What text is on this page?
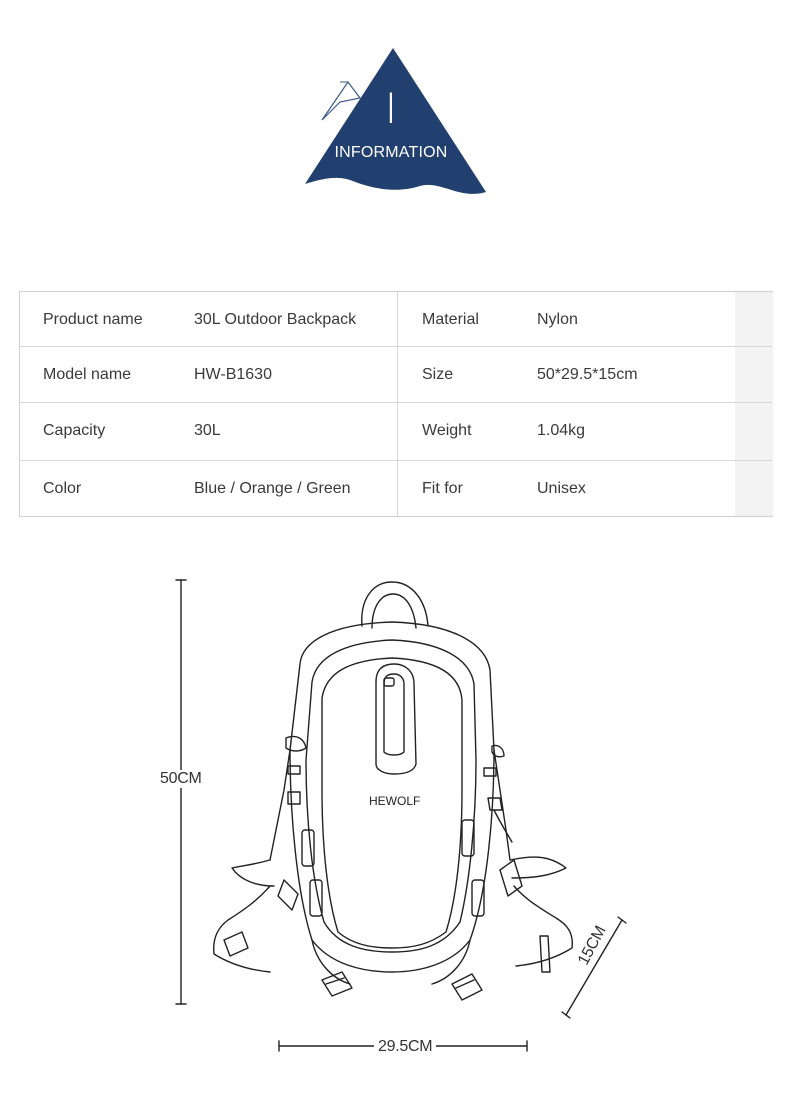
I
INFORMATION
Product name	30L Outdoor Backpack	Material	Nylon
Model name	HW-B1630	Size	50*29.5*15cm
Capacity	30L	Weight	1.04kg
Color	Blue / Orange / Green	Fit for	Unisex
HEWOLF
50CM
29.5CM
15CM
